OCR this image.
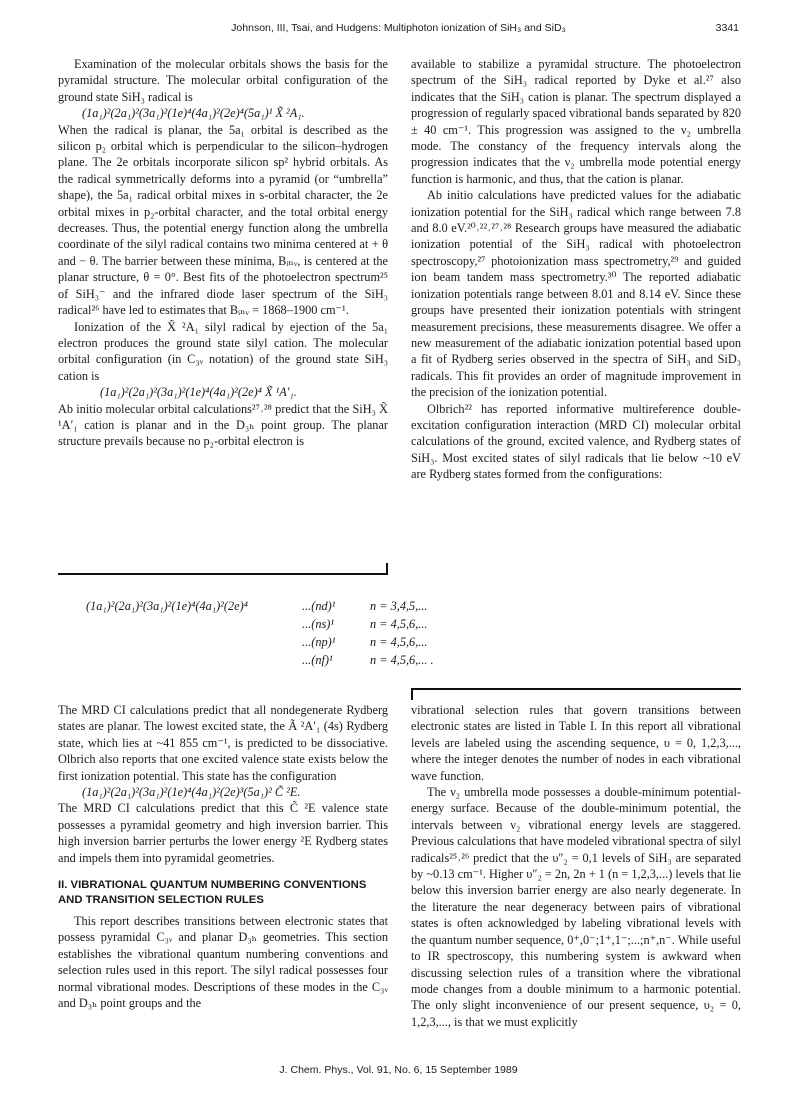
Johnson, III, Tsai, and Hudgens: Multiphoton ionization of SiH₃ and SiD₃	3341

Examination of the molecular orbitals shows the basis for the pyramidal structure. The molecular orbital configuration of the ground state SiH₃ radical is

(1a₁)²(2a₁)²(3a₁)²(1e)⁴(4a₁)²(2e)⁴(5a₁)¹ X̃ ²A₁.

When the radical is planar, the 5a₁ orbital is described as the silicon p₂ orbital which is perpendicular to the silicon–hydrogen plane. The 2e orbitals incorporate silicon sp² hybrid orbitals. As the radical symmetrically deforms into a pyramid (or “umbrella” shape), the 5a₁ radical orbital mixes in s-orbital character, the 2e orbital mixes in p₂-orbital character, and the total orbital energy decreases. Thus, the potential energy function along the umbrella coordinate of the silyl radical contains two minima centered at + θ and − θ. The barrier between these minima, Bᵢₙᵥ, is centered at the planar structure, θ = 0°. Best fits of the photoelectron spectrum²⁵ of SiH₃⁻ and the infrared diode laser spectrum of the SiH₃ radical²⁶ have led to estimates that Bᵢₙᵥ = 1868–1900 cm⁻¹.

Ionization of the X̃ ²A₁ silyl radical by ejection of the 5a₁ electron produces the ground state silyl cation. The molecular orbital configuration (in C₃ᵥ notation) of the ground state SiH₃ cation is

(1a₁)²(2a₁)²(3a₁)²(1e)⁴(4a₁)²(2e)⁴ X̃ ¹A′₁.

Ab initio molecular orbital calculations²⁷˒²⁸ predict that the SiH₃ X̃ ¹A′₁ cation is planar and in the D₃ₕ point group. The planar structure prevails because no p₂-orbital electron is

available to stabilize a pyramidal structure. The photoelectron spectrum of the SiH₃ radical reported by Dyke et al.²⁷ also indicates that the SiH₃ cation is planar. The spectrum displayed a progression of regularly spaced vibrational bands separated by 820 ± 40 cm⁻¹. This progression was assigned to the ν₂ umbrella mode. The constancy of the frequency intervals along the progression indicates that the ν₂ umbrella mode potential energy function is harmonic, and thus, that the cation is planar.

Ab initio calculations have predicted values for the adiabatic ionization potential for the SiH₃ radical which range between 7.8 and 8.0 eV.²⁰˒²²˒²⁷˒²⁸ Research groups have measured the adiabatic ionization potential of the SiH₃ radical with photoelectron spectroscopy,²⁷ photoionization mass spectrometry,²⁹ and guided ion beam tandem mass spectrometry.³⁰ The reported adiabatic ionization potentials range between 8.01 and 8.14 eV. Since these groups have presented their ionization potentials with stringent measurement precisions, these measurements disagree. We offer a new measurement of the adiabatic ionization potential based upon a fit of Rydberg series observed in the spectra of SiH₃ and SiD₃ radicals. This fit provides an order of magnitude improvement in the precision of the ionization potential.

Olbrich²² has reported informative multireference double-excitation configuration interaction (MRD CI) molecular orbital calculations of the ground, excited valence, and Rydberg states of SiH₃. Most excited states of silyl radicals that lie below ~10 eV are Rydberg states formed from the configurations:

(1a₁)²(2a₁)²(3a₁)²(1e)⁴(4a₁)²(2e)⁴	...(nd)¹	n = 3,4,5,...
...(ns)¹	n = 4,5,6,...
...(np)¹	n = 4,5,6,...
...(nf)¹	n = 4,5,6,... .

The MRD CI calculations predict that all nondegenerate Rydberg states are planar. The lowest excited state, the Ã ²A′₁ (4s) Rydberg state, which lies at ~41 855 cm⁻¹, is predicted to be dissociative. Olbrich also reports that one excited valence state exists below the first ionization potential. This state has the configuration

(1a₁)²(2a₁)²(3a₁)²(1e)⁴(4a₁)²(2e)³(5a₁)² C̃ ²E.

The MRD CI calculations predict that this C̃ ²E valence state possesses a pyramidal geometry and high inversion barrier. This high inversion barrier perturbs the lower energy ²E Rydberg states and impels them into pyramidal geometries.

II. VIBRATIONAL QUANTUM NUMBERING CONVENTIONS AND TRANSITION SELECTION RULES

This report describes transitions between electronic states that possess pyramidal C₃ᵥ and planar D₃ₕ geometries. This section establishes the vibrational quantum numbering conventions and selection rules used in this report. The silyl radical possesses four normal vibrational modes. Descriptions of these modes in the C₃ᵥ and D₃ₕ point groups and the

vibrational selection rules that govern transitions between electronic states are listed in Table I. In this report all vibrational levels are labeled using the ascending sequence, υ = 0, 1,2,3,..., where the integer denotes the number of nodes in each vibrational wave function.

The ν₂ umbrella mode possesses a double-minimum potential-energy surface. Because of the double-minimum potential, the intervals between ν₂ vibrational energy levels are staggered. Previous calculations that have modeled vibrational spectra of silyl radicals²⁵˒²⁶ predict that the υ″₂ = 0,1 levels of SiH₃ are separated by ~0.13 cm⁻¹. Higher υ″₂ = 2n, 2n + 1 (n = 1,2,3,...) levels that lie below this inversion barrier energy are also nearly degenerate. In the literature the near degeneracy between pairs of vibrational states is often acknowledged by labeling vibrational levels with the quantum number sequence, 0⁺,0⁻;1⁺,1⁻;...;n⁺,n⁻. While useful to IR spectroscopy, this numbering system is awkward when discussing selection rules of a transition where the vibrational mode changes from a double minimum to a harmonic potential. The only slight inconvenience of our present sequence, υ₂ = 0, 1,2,3,..., is that we must explicitly

J. Chem. Phys., Vol. 91, No. 6, 15 September 1989
